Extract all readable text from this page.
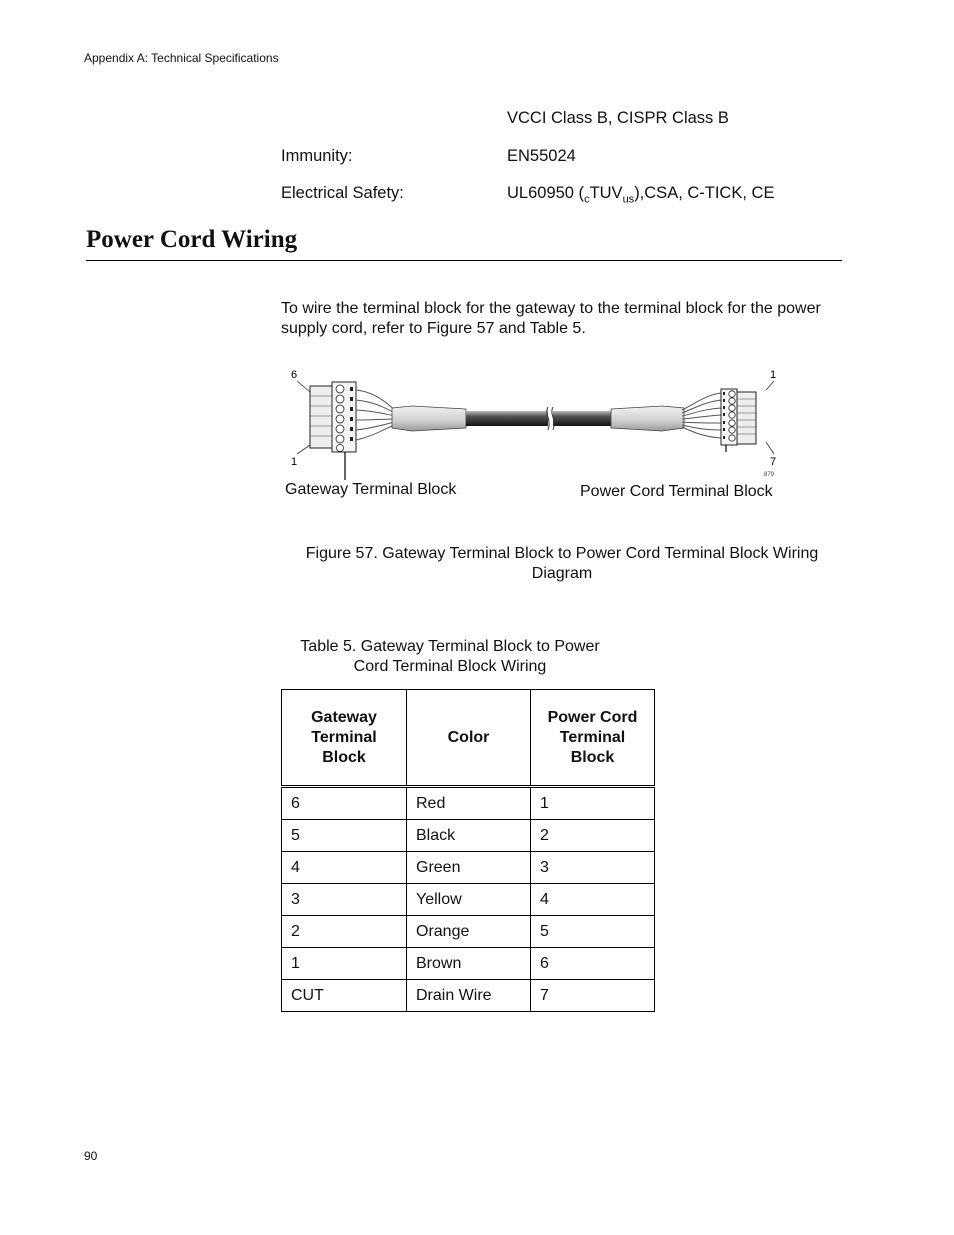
Appendix A: Technical Specifications
VCCI Class B, CISPR Class B
Immunity:	EN55024
Electrical Safety:	UL60950 $(_cTUV_{us}),CSA$, C-TICK, CE
Power Cord Wiring
To wire the terminal block for the gateway to the terminal block for the power supply cord, refer to Figure 57 and Table 5.
6
1
1
7
879
Gateway Terminal Block	Power Cord Terminal Block
Figure 57. Gateway Terminal Block to Power Cord Terminal Block Wiring Diagram
Table 5. Gateway Terminal Block to Power Cord Terminal Block Wiring
Gateway Terminal Block	Color	Power Cord Terminal Block
6	Red	1
5	Black	2
4	Green	3
3	Yellow	4
2	Orange	5
1	Brown	6
CUT	Drain Wire	7
90
